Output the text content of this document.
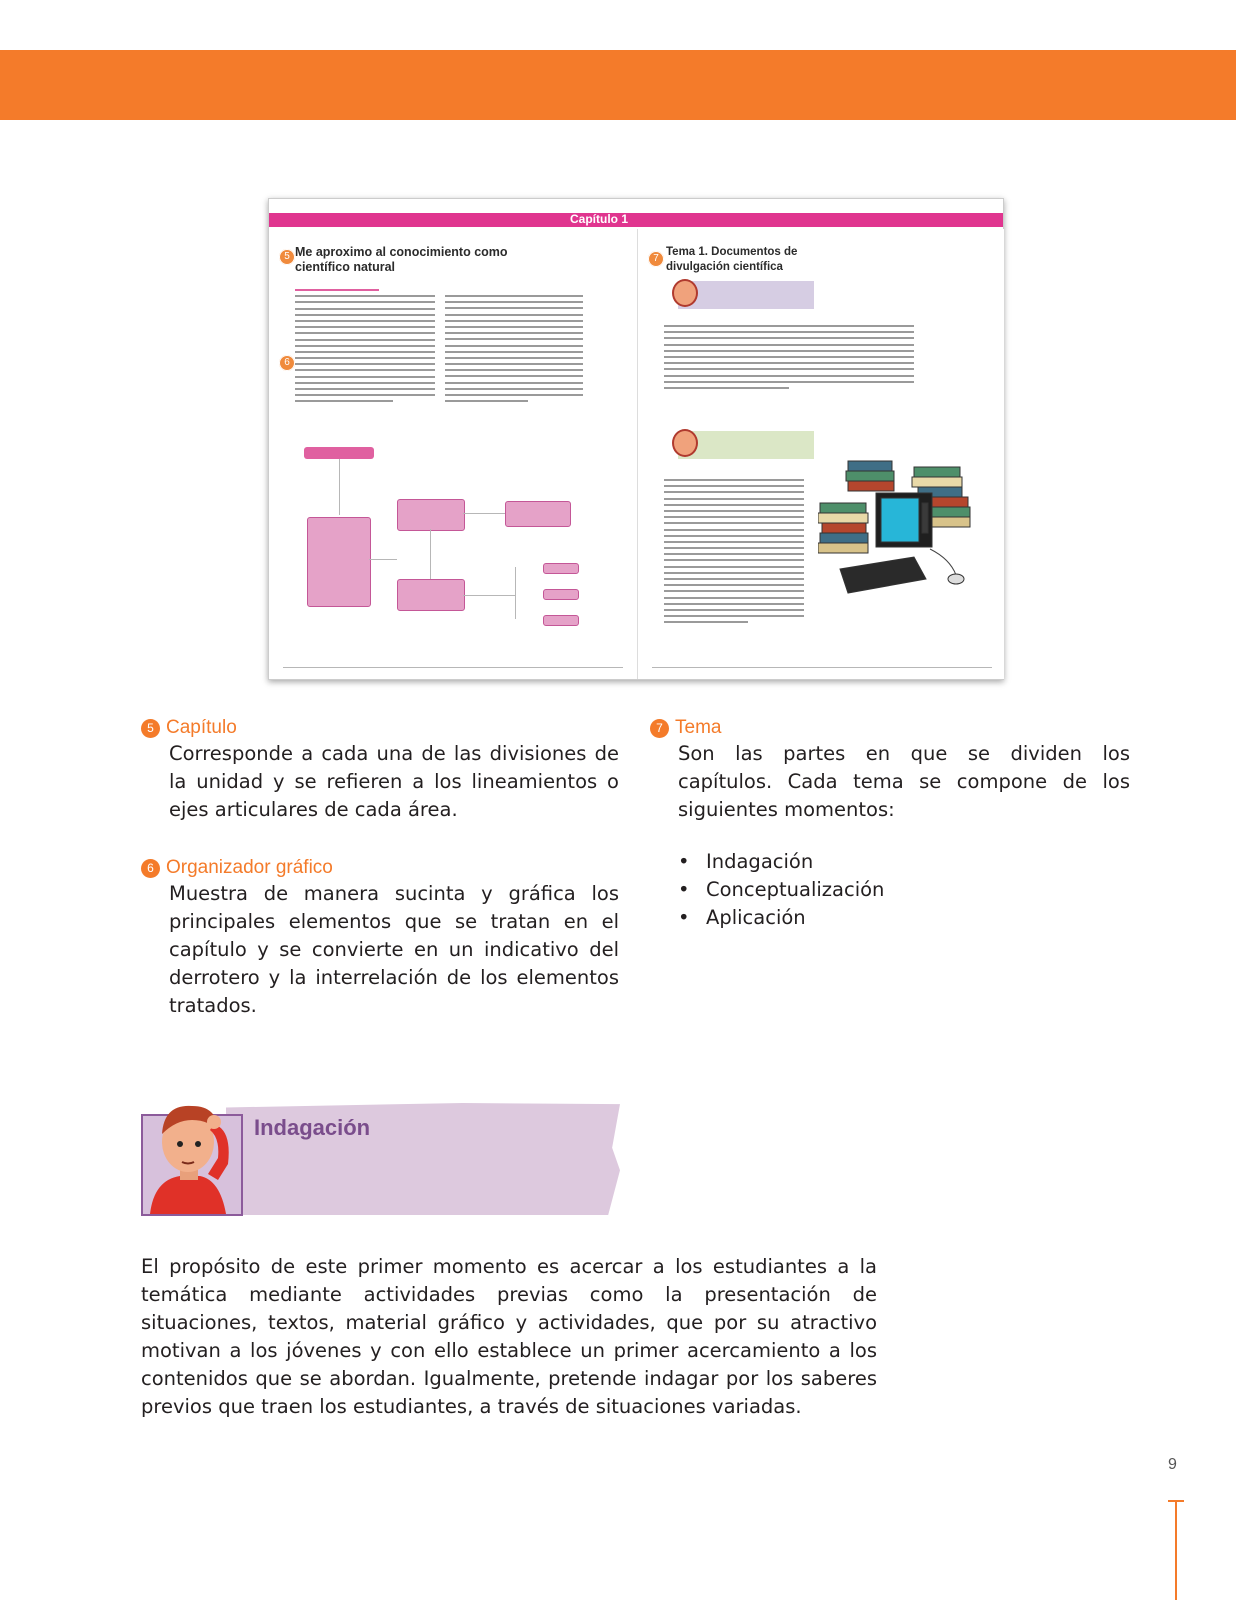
Capítulo 1
5 Me aproximo al conocimiento como científico natural
6
7
Tema 1. Documentos de divulgación científica
5 Capítulo
Corresponde a cada una de las divisiones de la unidad y se refieren a los lineamientos o ejes articulares de cada área.
6 Organizador gráfico
Muestra de manera sucinta y gráfica los principales elementos que se tratan en el capítulo y se convierte en un indicativo del derrotero y la interrelación de los elementos tratados.
7 Tema
Son las partes en que se dividen los capítulos. Cada tema se compone de los siguientes momentos:
• Indagación
• Conceptualización
• Aplicación
Indagación
El propósito de este primer momento es acercar a los estudiantes a la temática mediante actividades previas como la presentación de situaciones, textos, material gráfico y actividades, que por su atractivo motivan a los jóvenes y con ello establece un primer acercamiento a los contenidos que se abordan. Igualmente, pretende indagar por los saberes previos que traen los estudiantes, a través de situaciones variadas.
9
